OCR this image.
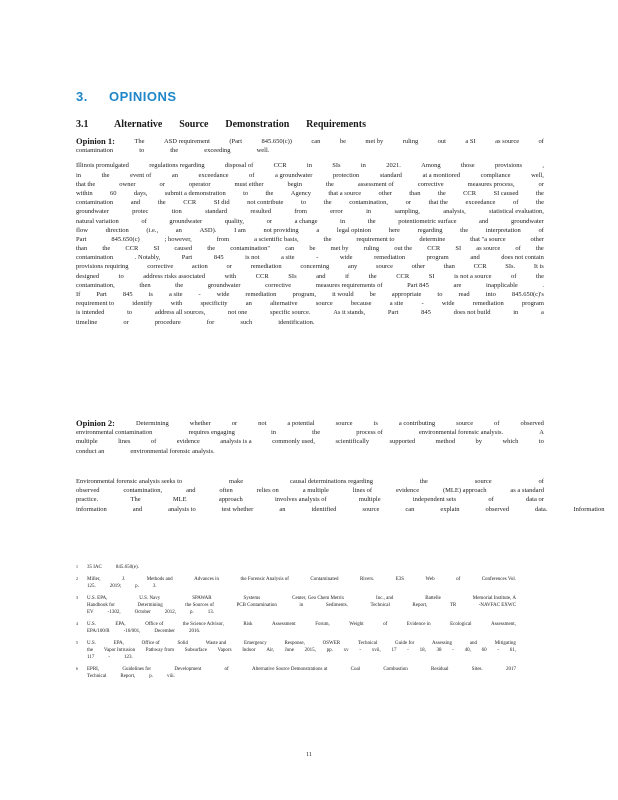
3. OPINIONS
3.1	Alternative Source Demonstration Requirements
Opinion 1:	The	ASD requirement	(Part	845.650(c))	can	be	met by	ruling	out	a SI	as source	of
contamination	to	the	exceeding	well.
Illinois promulgated	regulations regarding	disposal of	CCR	in	SIs	in	2021.	Among	those	provisions	,
in	the	event of	an	exceedance	of	a groundwater	protection	standard	at a monitored	compliance	well,
that the	owner	or	operator	must either	begin	the	assessment of	corrective	measures process,	or
within	60	days,	submit a demonstration	to	the	Agency	that a source	other	than	the	CCR	SI caused	the
contamination	and	the	CCR	SI did	not contribute	to	the	contamination,	or	that the	exceedance	of	the
groundwater	protec	tion	standard	resulted	from	error	in	sampling,	analysis,	statistical evaluation,
natural variation	of	groundwater	quality,	or	a change	in	the	potentiometric surface	and	groundwater
flow	direction	(i.e.,	an	ASD).	I am	not providing	a	legal opinion	here	regarding	the	interpretation	of
Part	845.650(c)	; however,	from	a scientific basis,	the	requirement to	determine	that "a source	other
than the CCR SI caused the contamination" can be met by ruling out the CCR SI as source of the
contamination	. Notably,	Part	845	is not	a site	-	wide	remediation	program	and	does not contain
provisions requiring	corrective	action	or	remediation	concerning	any	source	other	than	CCR	SIs.	It is
designed	to	address risks associated	with	CCR	SIs	and	if	the	CCR	SI	is not a source	of	the
contamination,	then	the	groundwater	corrective	measures requirements of	Part 845	are	inapplicable	.
If Part 845 is a site - wide remediation program, it would be appropriate to read into 845.650(c)'s
requirement to	identify	with	specificity	an	alternative	source	because	a site	-	wide	remediation	program
is intended	to	address all sources,	not one	specific source.	As it stands,	Part	845	does not build	in	a
timeline	or	procedure	for	such	identification.
Opinion 2:	Determining	whether	or	not	a potential	source	is	a contributing	source	of	observed
environmental contamination	requires engaging	in	the	process of	environmental forensic analysis.	A
multiple	lines	of	evidence	analysis is a	commonly used,	scientifically	supported	method	by	which	to
conduct an	environmental forensic analysis.
Environmental forensic analysis seeks to	make	causal determinations regarding	the	source	of
observed	contamination,	and	often	relies on	a multiple	lines of	evidence	(MLE) approach	as a standard
practice.	The	MLE	approach	involves analysis of	multiple	independent sets	of	data or
information	and	analysis to	test whether	an	identified	source	can	explain	observed	data.	Information
1 35 IAC	845.650(e).
2 Miller,	J.	Methods and	Advances in	the Forensic Analysis of	Contaminated	Rivers.	E3S	Web	of	Conferences Vol.
125.	2019;	p.	3.
3 U.S. EPA,	U.S. Navy	SPAWAR	Systems	Center, Geo Chem Metrix	Inc., and	Battelle	Memorial Institute, A
Handbook for	Determining	the Sources of	PCB Contamination	in	Sediments.	Technical	Report,	TR	-NAVFAC EXWC
EV	-1302,	October	2012,	p.	13.
4 U.S.	EPA,	Office of	the Science Advisor,	Risk	Assessment	Forum,	Weight	of	Evidence in	Ecological	Assessment,
EPA/100/R	-16/001,	December	2016.
5 U.S.	EPA,	Office of	Solid	Waste and	Emergency	Response,	OSWER	Technical	Guide for	Assessing	and	Mitigating
the Vapor Intrusion Pathway from Subsurface Vapors Indoor Air, June 2015, pp. xv - xvii, 17 - 18, 38 - 40, 60 - 61,
117	-	123.
6 EPRI,	Guidelines for	Development	of	Alternative Source Demonstrations at	Coal	Combustion	Residual	Sites.	2017
Technical	Report,	p.	viii.
11
